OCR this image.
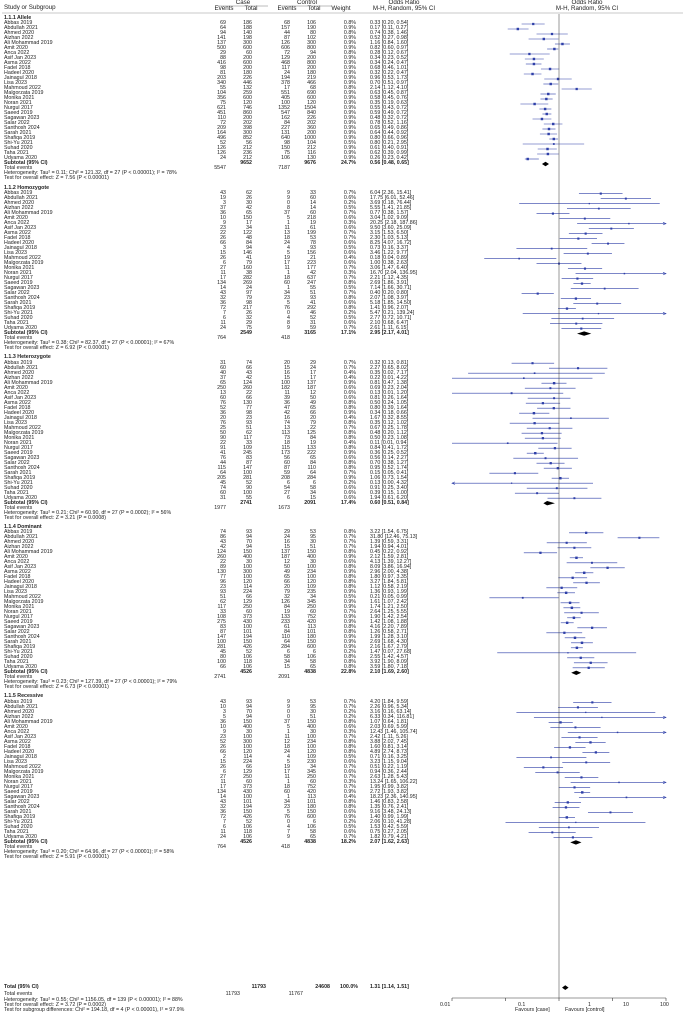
Study or Subgroup
Case	Control
Events	Total	Events	Total	Weight
Odds Ratio
M-H, Random, 95% CI
Odds Ratio
M-H, Random, 95% CI
Total (95% CI)	11793	24608	100.0% 1.31 [1.14, 1.51]
Total events	11793	11767
Heterogeneity: Tau² = 0.55; Chi² = 1156.05, df = 139 (P < 0.00001); I² = 88%
Test for overall effect: Z = 3.72 (P = 0.0002)
Test for subgroup differences: Chi² = 194.18, df = 4 (P < 0.00001), I² = 97.9%
0.01	0.1	1	10	100
Favours [case]	Favours [control]
1.1.1 Allele
Abbas 2019	69	186	68	106	0.8%	0.33 [0.20, 0.54]
Abdullah 2021	64	188	157	190	0.9%	0.17 [0.11, 0.27]
Ahmed 2020	94	140	44	80	0.8%	0.74 [0.38, 1.46]
Aizhan 2022	141	198	87	102	0.9%	0.52 [0.27, 0.98]
Ali Mohammad 2019	137	300	126	300	0.9%	1.16 [0.84, 1.60]
Amit 2020	500	600	606	800	0.9%	0.82 [0.60, 0.97]
Anca 2022	29	60	72	94	0.8%	0.28 [0.12, 0.67]
Asif Jan 2023	88	200	129	200	0.9%	0.34 [0.23, 0.52]
Asma 2022	416	600	468	800	0.9%	0.34 [0.24, 0.47]
Fadel 2018	98	200	117	200	0.9%	0.68 [0.46, 1.01]
Hadeel 2020	81	180	24	180	0.9%	0.32 [0.22, 0.47]
Jainagul 2018	203	226	194	219	0.9%	0.96 [0.53, 1.73]
Lisa 2023	340	446	378	466	0.9%	0.70 [0.51, 0.97]
Mahmoud 2022	55	132	17	68	0.8%	2.14 [1.12, 4.10]
Malgorzata 2019	104	259	551	690	0.9%	0.63 [0.45, 0.87]
Monika 2021	356	600	405	600	0.9%	0.58 [0.45, 0.76]
Noran 2021	75	120	100	120	0.9%	0.35 [0.19, 0.63]
Nurgul 2017	621	746	1352	1504	0.9%	0.55 [0.43, 0.72]
Saeed 2019	451	860	547	840	0.9%	0.59 [0.49, 0.72]
Sagawan 2023	110	200	162	226	0.9%	0.48 [0.32, 0.72]
Salar 2022	72	202	84	202	0.9%	0.78 [0.52, 1.16]
Santhosh 2024	209	398	227	360	0.9%	0.65 [0.49, 0.86]
Sarah 2021	164	300	131	200	0.9%	0.64 [0.44, 0.92]
Shafiqa 2019	496	852	640	1000	0.9%	0.80 [0.66, 0.96]
Shi-Yu 2021	52	56	98	104	0.5%	0.80 [0.21, 2.95]
Suhad 2020	126	212	150	212	0.9%	0.61 [0.40, 0.91]
Taha 2021	126	236	75	116	0.9%	0.62 [0.39, 0.99]
Udyama 2020	24	212	106	130	0.9%	0.26 [0.23, 0.42]
Subtotal (95% CI)	9652	9676	24.7%	0.56 [0.48, 0.65]
Total events	5547	7187
Heterogeneity: Tau² = 0.11; Chi² = 121.32, df = 27 (P < 0.00001); I² = 78%
Test for overall effect: Z = 7.56 (P < 0.00001)
1.1.2 Homozygote
Abbas 2019	43	62	9	33	0.7%	6.04 [2.36, 15.41]
Abdullah 2021	19	26	9	60	0.6%	17.75 [6.01, 52.46]
Ahmed 2020	3	30	0	14	0.2%	3.69 [0.18, 76.44]
Aizhan 2022	37	42	8	14	0.5%	5.55 [1.41, 21.85]
Ali Mohammad 2019	36	65	37	60	0.7%	0.77 [0.38, 1.57]
Amit 2020	10	150	5	218	0.6%	3.04 [1.02, 9.09]
Anca 2022	9	17	1	19	0.3%	20.25 [2.18, 187.86]
Asif Jan 2023	23	34	11	61	0.6%	9.50 [3.60, 25.09]
Asma 2022	22	122	13	199	0.7%	3.15 [1.53, 6.50]
Fadel 2018	26	48	18	53	0.7%	2.30 [1.03, 5.13]
Hadeel 2020	66	84	24	78	0.6%	8.25 [4.07, 16.72]
Jainagul 2018	3	94	4	93	0.5%	0.73 [0.16, 3.37]
Lisa 2023	15	146	5	156	0.6%	3.46 [1.22, 9.77]
Mahmoud 2022	26	41	19	21	0.4%	0.18 [0.04, 0.89]
Malgorzata 2019	6	79	17	223	0.6%	1.00 [0.38, 2.63]
Monika 2021	27	160	11	177	0.7%	3.06 [1.47, 6.40]
Noran 2021	11	38	1	42	0.3%	16.70 [2.04, 136.95]
Nurgul 2017	17	282	18	637	0.7%	2.21 [1.12, 4.35]
Saeed 2019	134	269	60	247	0.8%	2.69 [1.86, 3.91]
Sagawan 2023	14	24	1	55	0.5%	7.14 [1.66, 30.71]
Salar 2022	43	97	34	51	0.7%	0.40 [0.20, 0.80]
Santhosh 2024	32	79	23	93	0.8%	2.07 [1.08, 3.97]
Sarah 2021	36	98	5	41	0.6%	5.18 [1.85, 14.50]
Shafiqa 2019	72	217	76	292	0.8%	1.41 [0.96, 2.07]
Shi-Yu 2021	7	26	0	46	0.2%	5.47 [0.21, 139.24]
Suhad 2020	6	32	4	52	0.5%	2.77 [0.72, 10.71]
Taha 2021	11	29	8	31	0.6%	2.10 [0.68, 6.47]
Udyama 2020	24	75	9	59	0.7%	2.61 [1.11, 6.15]
Subtotal (95% CI)	2549	3165	17.1%	2.95 [2.17, 4.01]
Total events	764	418
Heterogeneity: Tau² = 0.38; Chi² = 82.37, df = 27 (P < 0.00001); I² = 67%
Test for overall effect: Z = 6.92 (P < 0.00001)
1.1.3 Heterozygote
Abbas 2019	31	74	20	29	0.7%	0.32 [0.13, 0.81]
Abdullah 2021	60	66	15	24	0.7%	2.27 [0.65, 8.02]
Ahmed 2020	40	43	16	17	0.4%	0.35 [0.02, 7.17]
Aizhan 2022	37	42	15	17	0.4%	0.22 [0.01, 4.22]
Ali Mohammad 2019	65	124	100	137	0.9%	0.81 [0.47, 1.38]
Amit 2020	250	260	182	187	0.6%	0.69 [0.23, 2.04]
Anca 2022	13	22	11	12	0.6%	0.13 [0.01, 1.20]
Asif Jan 2023	60	66	39	50	0.6%	0.81 [0.26, 1.64]
Asma 2022	76	130	36	49	0.8%	0.50 [0.24, 1.05]
Fadel 2018	52	77	47	65	0.8%	0.80 [0.39, 1.64]
Hadeel 2020	36	98	42	66	0.9%	0.34 [0.18, 0.66]
Jainagul 2018	20	23	16	20	0.4%	1.67 [0.32, 8.55]
Lisa 2023	76	93	74	79	0.8%	0.35 [0.12, 1.02]
Mahmoud 2022	25	51	13	22	0.7%	0.67 [0.25, 1.78]
Malgorzata 2019	50	62	113	125	0.8%	0.48 [0.20, 1.12]
Monika 2021	90	117	73	84	0.8%	0.50 [0.23, 1.08]
Noran 2021	22	33	18	19	0.4%	0.11 [0.01, 0.94]
Nurgul 2017	91	109	115	133	0.8%	0.84 [0.41, 1.72]
Saeed 2019	41	245	173	222	0.9%	0.36 [0.25, 0.52]
Sagawan 2023	76	83	56	65	0.6%	0.56 [0.14, 2.27]
Salar 2022	44	87	60	84	0.8%	0.70 [0.38, 1.27]
Santhosh 2024	115	147	87	110	0.8%	0.95 [0.52, 1.74]
Sarah 2021	64	100	59	64	0.7%	0.15 [0.05, 0.41]
Shafiqa 2019	205	281	208	284	0.9%	1.06 [0.73, 1.54]
Shi-Yu 2021	45	52	6	6	0.2%	0.13 [0.00, 4.32]
Suhad 2020	74	90	54	58	0.6%	0.91 [0.25, 3.40]
Taha 2021	60	100	27	34	0.6%	0.39 [0.15, 1.00]
Udyama 2020	31	55	6	15	0.6%	1.94 [0.61, 6.20]
Subtotal (95% CI)	2741	2091	17.4%	0.60 [0.51, 0.84]
Total events	1977	1673
Heterogeneity: Tau² = 0.21; Chi² = 60.90, df = 27 (P = 0.0002); I² = 56%
Test for overall effect: Z = 3.21 (P = 0.0008)
1.1.4 Dominant
Abbas 2019	74	93	29	53	0.8%	3.22 [1.54, 6.75]
Abdullah 2021	86	94	24	95	0.7%	31.80 [12.46, 75.13]
Ahmed 2020	43	70	16	30	0.7%	1.39 [0.59, 3.31]
Aizhan 2022	42	94	15	51	0.7%	1.94 [0.94, 4.01]
Ali Mohammad 2019	124	150	137	150	0.8%	0.45 [0.22, 0.92]
Amit 2020	260	400	187	400	0.9%	2.12 [1.59, 2.81]
Anca 2022	22	30	12	30	0.6%	4.13 [1.39, 12.27]
Asif Jan 2023	89	100	50	100	0.8%	8.09 [3.86, 16.94]
Asma 2022	130	300	49	234	0.9%	2.96 [2.00, 4.38]
Fadel 2018	77	100	65	100	0.8%	1.80 [0.97, 3.35]
Hadeel 2020	96	120	66	120	0.8%	3.27 [1.84, 5.81]
Jainagul 2018	23	114	20	109	0.8%	1.12 [0.58, 2.19]
Lisa 2023	93	224	79	235	0.9%	1.36 [0.93, 1.99]
Mahmoud 2022	51	66	32	34	0.5%	0.21 [0.05, 0.99]
Malgorzata 2019	62	129	126	345	0.9%	1.61 [1.07, 2.42]
Monika 2021	117	250	84	250	0.9%	1.74 [1.21, 2.50]
Noran 2021	33	60	19	60	0.7%	2.64 [1.25, 5.55]
Nurgul 2017	108	373	133	752	0.9%	1.90 [1.42, 2.54]
Saeed 2019	275	430	233	420	0.9%	1.42 [1.08, 1.88]
Sagawan 2023	83	100	61	113	0.8%	4.16 [2.20, 7.89]
Salar 2022	87	101	84	101	0.8%	1.26 [0.58, 2.71]
Santhosh 2024	147	194	110	180	0.9%	1.99 [1.28, 3.10]
Sarah 2021	100	150	64	150	0.9%	2.69 [1.68, 4.30]
Shafiqa 2019	281	426	284	600	0.9%	2.16 [1.67, 2.79]
Shi-Yu 2021	45	52	6	6	0.2%	1.47 [0.07, 27.68]
Suhad 2020	80	106	58	106	0.8%	2.55 [1.42, 4.57]
Taha 2021	100	118	34	58	0.8%	3.92 [1.90, 8.09]
Udyama 2020	66	106	15	65	0.8%	3.59 [1.80, 7.18]
Subtotal (95% CI)	4526	4838	22.8%	2.10 [1.69, 2.60]
Total events	2741	2091
Heterogeneity: Tau² = 0.23; Chi² = 127.39, df = 27 (P < 0.00001); I² = 79%
Test for overall effect: Z = 6.73 (P < 0.00001)
1.1.5 Recessive
Abbas 2019	43	93	9	53	0.7%	4.20 [1.84, 9.59]
Abdullah 2021	10	94	9	95	0.7%	2.26 [0.96, 5.34]
Ahmed 2020	3	70	0	30	0.2%	3.16 [0.16, 63.14]
Aizhan 2022	5	94	0	51	0.2%	6.33 [0.34, 116.81]
Ali Mohammad 2019	36	150	37	150	0.8%	1.07 [0.64, 1.81]
Amit 2020	10	400	5	400	0.6%	2.03 [0.69, 5.99]
Anca 2022	9	30	1	30	0.3%	12.43 [1.46, 105.74]
Asif Jan 2023	23	100	11	100	0.7%	2.42 [1.11, 5.26]
Asma 2022	52	300	12	234	0.8%	3.88 [2.02, 7.45]
Fadel 2018	26	100	18	100	0.8%	1.60 [0.81, 3.14]
Hadeel 2020	66	120	24	120	0.8%	4.89 [2.74, 8.73]
Jainagul 2018	2	114	4	109	0.5%	0.71 [0.16, 3.25]
Lisa 2023	15	224	5	230	0.6%	3.23 [1.15, 9.04]
Mahmoud 2022	26	66	19	34	0.7%	0.51 [0.22, 1.19]
Malgorzata 2019	6	129	17	345	0.6%	0.94 [0.36, 2.44]
Monika 2021	27	250	11	250	0.7%	2.63 [1.28, 5.43]
Noran 2021	11	60	1	60	0.3%	13.24 [1.65, 106.22]
Nurgul 2017	17	373	18	752	0.7%	1.95 [0.99, 3.82]
Saeed 2019	134	430	60	420	0.9%	2.72 [1.93, 3.82]
Sagawan 2023	14	100	1	113	0.4%	18.23 [2.36, 140.95]
Salar 2022	43	101	34	101	0.8%	1.46 [0.83, 2.58]
Santhosh 2024	32	194	23	180	0.8%	1.35 [0.76, 2.41]
Sarah 2021	36	150	5	150	0.6%	9.16 [3.48, 24.13]
Shafiqa 2019	72	426	76	600	0.9%	1.40 [0.99, 1.99]
Shi-Yu 2021	7	52	0	6	0.2%	2.06 [0.10, 41.28]
Suhad 2020	6	106	4	106	0.5%	1.53 [0.42, 5.59]
Taha 2021	11	118	7	58	0.6%	0.75 [0.27, 2.05]
Udyama 2020	24	106	9	65	0.7%	1.82 [0.79, 4.21]
Subtotal (95% CI)	4526	4838	18.2%	2.07 [1.62, 2.63]
Total events	764	418
Heterogeneity: Tau² = 0.20; Chi² = 64.96, df = 27 (P < 0.00001); I² = 58%
Test for overall effect: Z = 5.91 (P < 0.00001)
